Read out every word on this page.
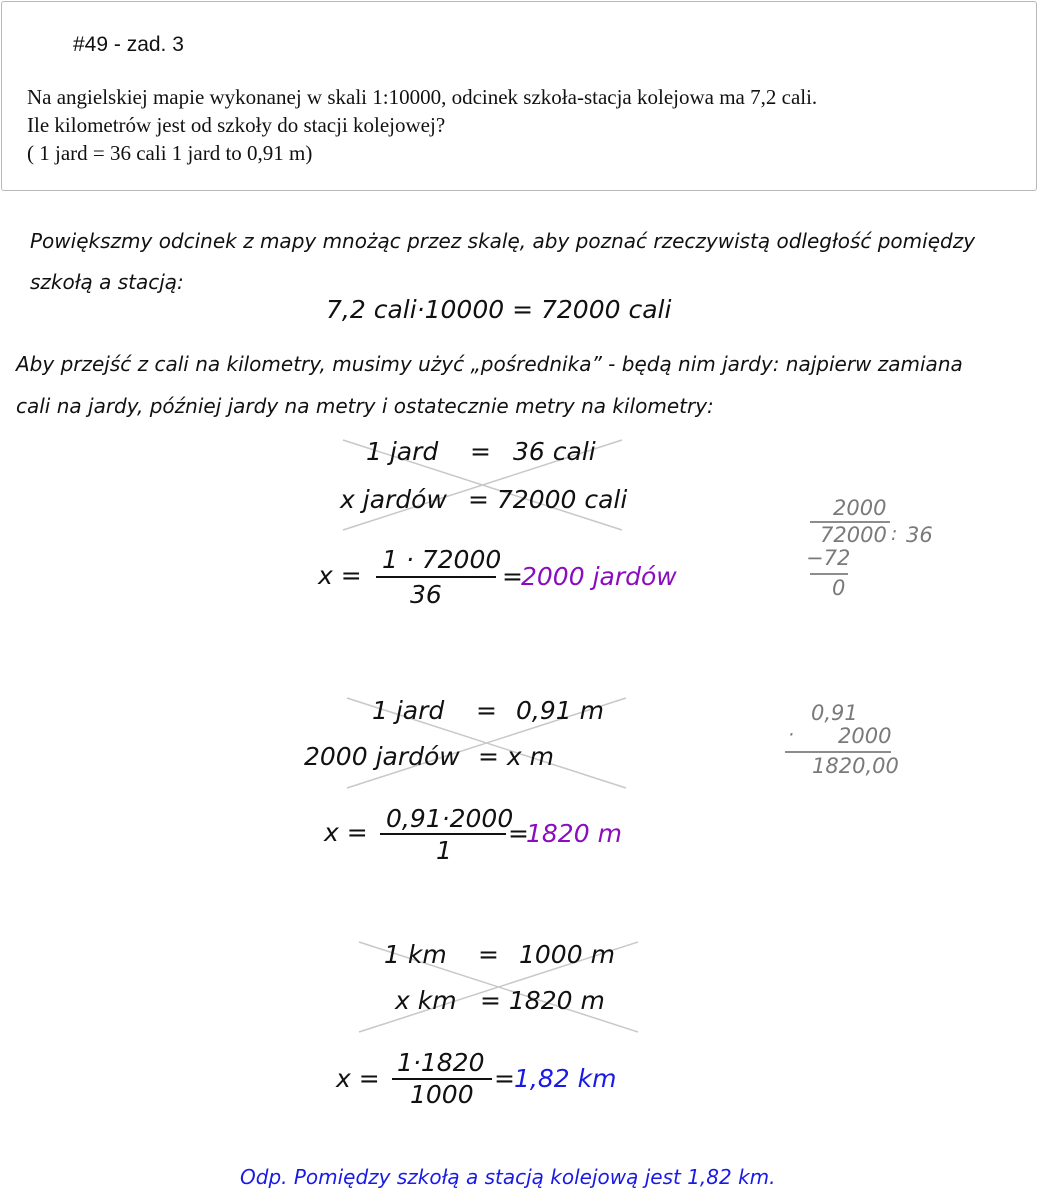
#49 - zad. 3
Na angielskiej mapie wykonanej w skali 1:10000, odcinek szkoła-stacja kolejowa ma 7,2 cali.
Ile kilometrów jest od szkoły do stacji kolejowej?
( 1 jard = 36 cali 1 jard to 0,91 m)
Powiększmy odcinek z mapy mnożąc przez skalę, aby poznać rzeczywistą odległość pomiędzy
szkołą a stacją:
7,2 cali·10000 = 72000 cali
Aby przejść z cali na kilometry, musimy użyć „pośrednika” - będą nim jardy: najpierw zamiana
cali na jardy, później jardy na metry i ostatecznie metry na kilometry:
1 jard = 36 cali
x jardów = 72000 cali
x =
1 · 72000
36
=
2000 jardów
2000
72000 : 36
−72
0
1 jard = 0,91 m
2000 jardów = x m
x = 0,91·2000
1
=
1820 m
0,91
· 2000
1820,00
1 km = 1000 m
x km = 1820 m
x =
1·1820
1000
= 1,82 km
Odp. Pomiędzy szkołą a stacją kolejową jest 1,82 km.
